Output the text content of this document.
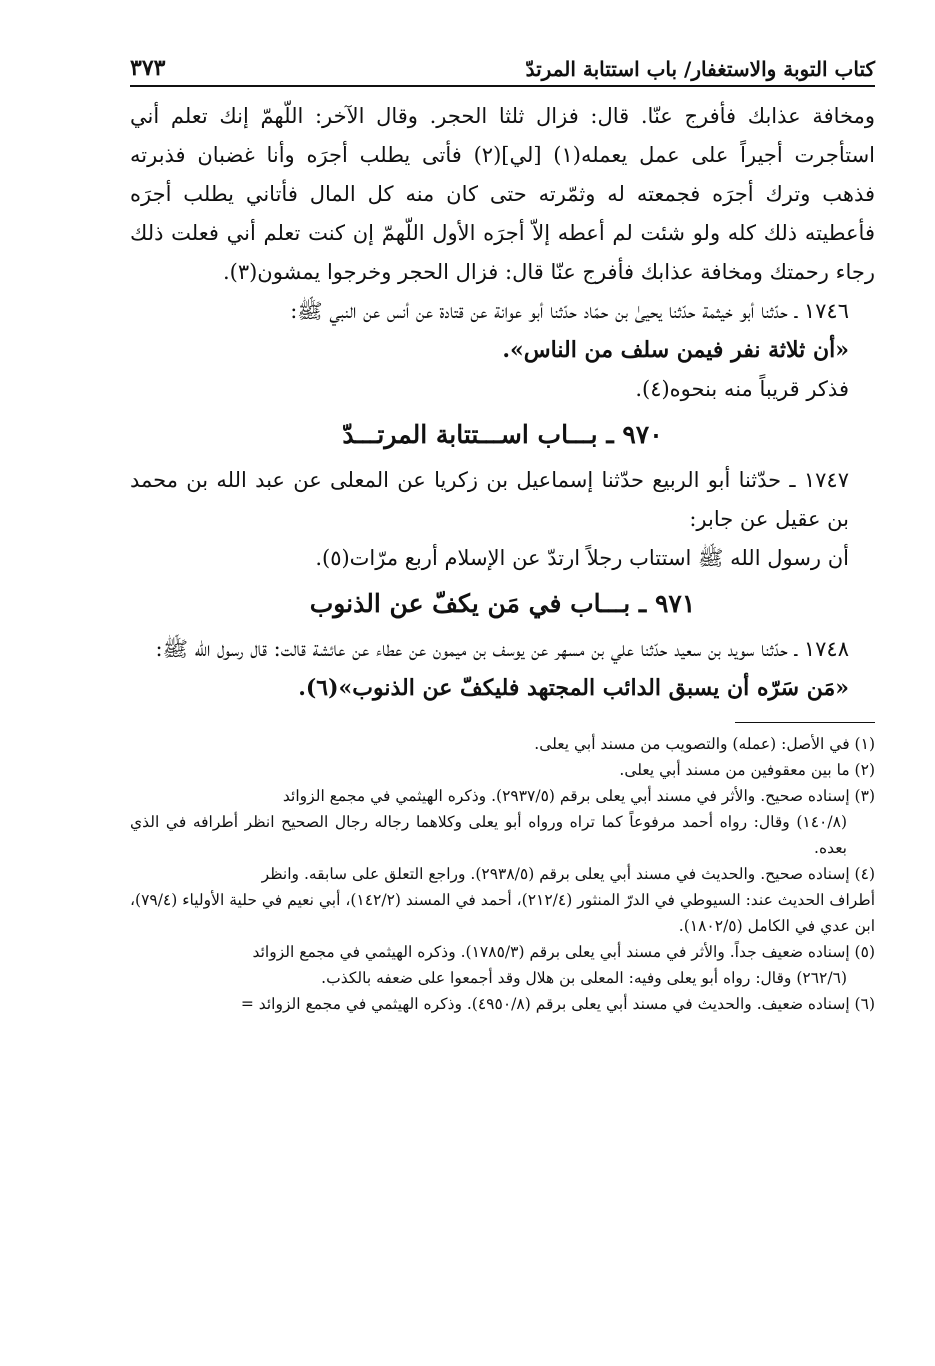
كتاب التوبة والاستغفار/ باب استتابة المرتدّ
٣٧٣

ومخافة عذابك فأفرج عنّا. قال: فزال ثلثا الحجر. وقال الآخر: اللّهمّ إنك تعلم أني استأجرت أجيراً على عمل يعمله(١) [لي](٢) فأتى يطلب أجرَه وأنا غضبان فذبرته فذهب وترك أجرَه فجمعته له وثمّرته حتى كان منه كل المال فأتاني يطلب أجرَه فأعطيته ذلك كله ولو شئت لم أعطه إلاّ أجرَه الأول اللّهمّ إن كنت تعلم أني فعلت ذلك رجاء رحمتك ومخافة عذابك فأفرج عنّا قال: فزال الحجر وخرجوا يمشون(٣).

١٧٤٦ ـ حدّثنا أبو خيثمة حدّثنا يحيىٰ بن حمّاد حدّثنا أبو عوانة عن قتادة عن أنس عن النبي ﷺ:

«أن ثلاثة نفر فيمن سلف من الناس».

فذكر قريباً منه بنحوه(٤).

٩٧٠ ـ بـــاب اســـتتابة المرتـــدّ

١٧٤٧ ـ حدّثنا أبو الربيع حدّثنا إسماعيل بن زكريا عن المعلى عن عبد الله بن محمد بن عقيل عن جابر:

أن رسول الله ﷺ استتاب رجلاً ارتدّ عن الإسلام أربع مرّات(٥).

٩٧١ ـ بـــاب في مَن يكفّ عن الذنوب

١٧٤٨ ـ حدّثنا سويد بن سعيد حدّثنا علي بن مسهر عن يوسف بن ميمون عن عطاء عن عائشة قالت: قال رسول الله ﷺ:

«مَن سَرّه أن يسبق الدائب المجتهد فليكفّ عن الذنوب»(٦).

(١) في الأصل: (عمله) والتصويب من مسند أبي يعلى.

(٢) ما بين معقوفين من مسند أبي يعلى.

(٣) إسناده صحيح. والأثر في مسند أبي يعلى برقم (٢٩٣٧/٥). وذكره الهيثمي في مجمع الزوائد

(١٤٠/٨) وقال: رواه أحمد مرفوعاً كما تراه ورواه أبو يعلى وكلاهما رجاله رجال الصحيح انظر أطرافه في الذي بعده.

(٤) إسناده صحيح. والحديث في مسند أبي يعلى برقم (٢٩٣٨/٥). وراجع التعلق على سابقه. وانظر

أطراف الحديث عند: السيوطي في الدرّ المنثور (٢١٢/٤)، أحمد في المسند (١٤٢/٢)، أبي نعيم في حلية الأولياء (٧٩/٤)، ابن عدي في الكامل (١٨٠٢/٥).

(٥) إسناده ضعيف جداً. والأثر في مسند أبي يعلى برقم (١٧٨٥/٣). وذكره الهيثمي في مجمع الزوائد

(٢٦٢/٦) وقال: رواه أبو يعلى وفيه: المعلى بن هلال وقد أجمعوا على ضعفه بالكذب.

(٦) إسناده ضعيف. والحديث في مسند أبي يعلى برقم (٤٩٥٠/٨). وذكره الهيثمي في مجمع الزوائد =
